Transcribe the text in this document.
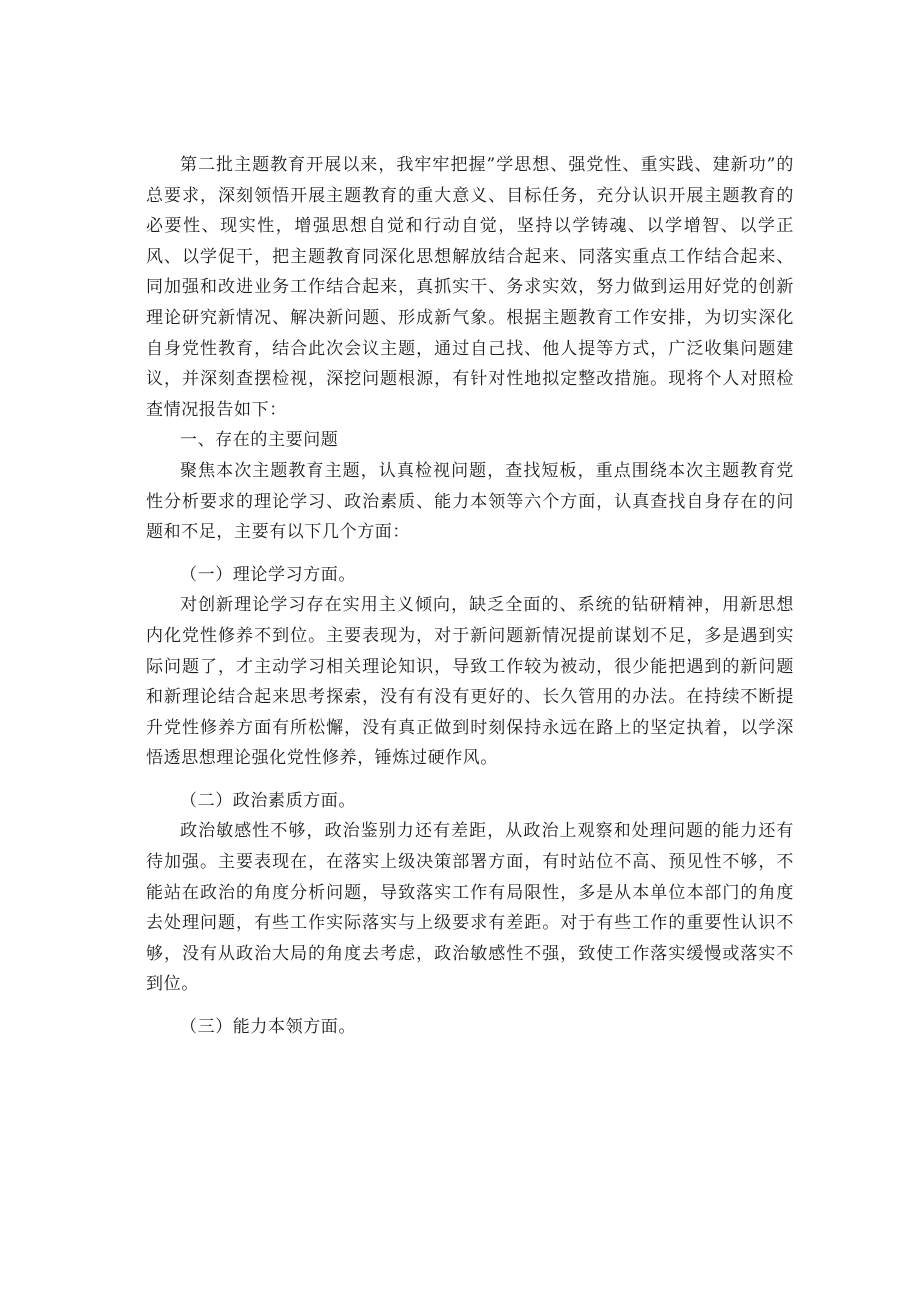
第二批主题教育开展以来，我牢牢把握”学思想、强党性、重实践、建新功”的总要求，深刻领悟开展主题教育的重大意义、目标任务，充分认识开展主题教育的必要性、现实性，增强思想自觉和行动自觉，坚持以学铸魂、以学增智、以学正风、以学促干，把主题教育同深化思想解放结合起来、同落实重点工作结合起来、同加强和改进业务工作结合起来，真抓实干、务求实效，努力做到运用好党的创新理论研究新情况、解决新问题、形成新气象。根据主题教育工作安排，为切实深化自身党性教育，结合此次会议主题，通过自己找、他人提等方式，广泛收集问题建议，并深刻查摆检视，深挖问题根源，有针对性地拟定整改措施。现将个人对照检查情况报告如下：

一、存在的主要问题

聚焦本次主题教育主题，认真检视问题，查找短板，重点围绕本次主题教育党性分析要求的理论学习、政治素质、能力本领等六个方面，认真查找自身存在的问题和不足，主要有以下几个方面：

（一）理论学习方面。

对创新理论学习存在实用主义倾向，缺乏全面的、系统的钻研精神，用新思想内化党性修养不到位。主要表现为，对于新问题新情况提前谋划不足，多是遇到实际问题了，才主动学习相关理论知识，导致工作较为被动，很少能把遇到的新问题和新理论结合起来思考探索，没有有没有更好的、长久管用的办法。在持续不断提升党性修养方面有所松懈，没有真正做到时刻保持永远在路上的坚定执着，以学深悟透思想理论强化党性修养，锤炼过硬作风。

（二）政治素质方面。

政治敏感性不够，政治鉴别力还有差距，从政治上观察和处理问题的能力还有待加强。主要表现在，在落实上级决策部署方面，有时站位不高、预见性不够，不能站在政治的角度分析问题，导致落实工作有局限性，多是从本单位本部门的角度去处理问题，有些工作实际落实与上级要求有差距。对于有些工作的重要性认识不够，没有从政治大局的角度去考虑，政治敏感性不强，致使工作落实缓慢或落实不到位。

（三）能力本领方面。
